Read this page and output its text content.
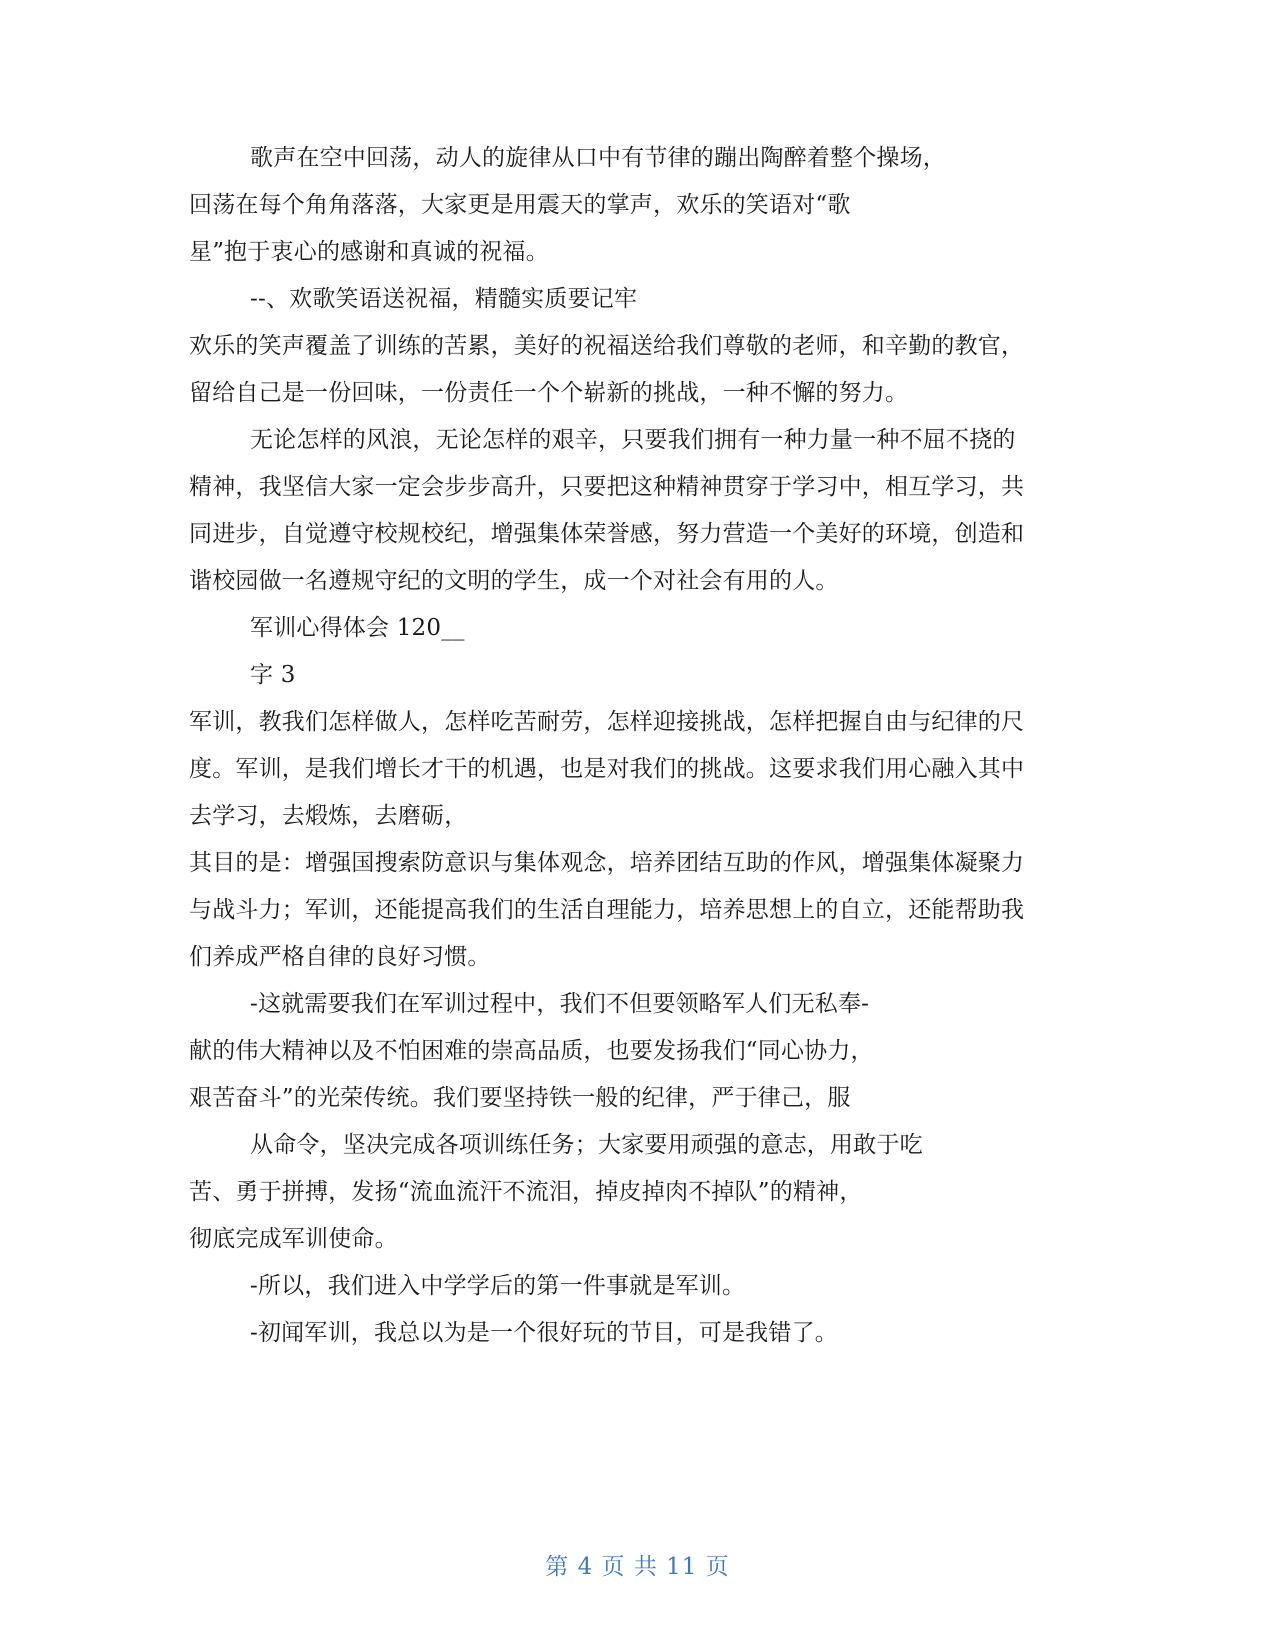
歌声在空中回荡，动人的旋律从口中有节律的蹦出陶醉着整个操场，
回荡在每个角角落落，大家更是用震天的掌声，欢乐的笑语对“歌
星”抱于衷心的感谢和真诚的祝福。
--、欢歌笑语送祝福，精髓实质要记牢
欢乐的笑声覆盖了训练的苦累，美好的祝福送给我们尊敬的老师，和辛勤的教官，
留给自己是一份回味，一份责任一个个崭新的挑战，一种不懈的努力。
无论怎样的风浪，无论怎样的艰辛，只要我们拥有一种力量一种不屈不挠的
精神，我坚信大家一定会步步高升，只要把这种精神贯穿于学习中，相互学习，共
同进步，自觉遵守校规校纪，增强集体荣誉感，努力营造一个美好的环境，创造和
谐校园做一名遵规守纪的文明的学生，成一个对社会有用的人。
军训心得体会 120__
字 3
军训，教我们怎样做人，怎样吃苦耐劳，怎样迎接挑战，怎样把握自由与纪律的尺
度。军训，是我们增长才干的机遇，也是对我们的挑战。这要求我们用心融入其中
去学习，去煅炼，去磨砺，
其目的是：增强国搜索防意识与集体观念，培养团结互助的作风，增强集体凝聚力
与战斗力；军训，还能提高我们的生活自理能力，培养思想上的自立，还能帮助我
们养成严格自律的良好习惯。
-这就需要我们在军训过程中，我们不但要领略军人们无私奉-
献的伟大精神以及不怕困难的崇高品质，也要发扬我们“同心协力，
艰苦奋斗”的光荣传统。我们要坚持铁一般的纪律，严于律己，服
从命令，坚决完成各项训练任务；大家要用顽强的意志，用敢于吃
苦、勇于拼搏，发扬“流血流汗不流泪，掉皮掉肉不掉队”的精神，
彻底完成军训使命。
-所以，我们进入中学学后的第一件事就是军训。
-初闻军训，我总以为是一个很好玩的节目，可是我错了。
第 4 页 共 11 页
